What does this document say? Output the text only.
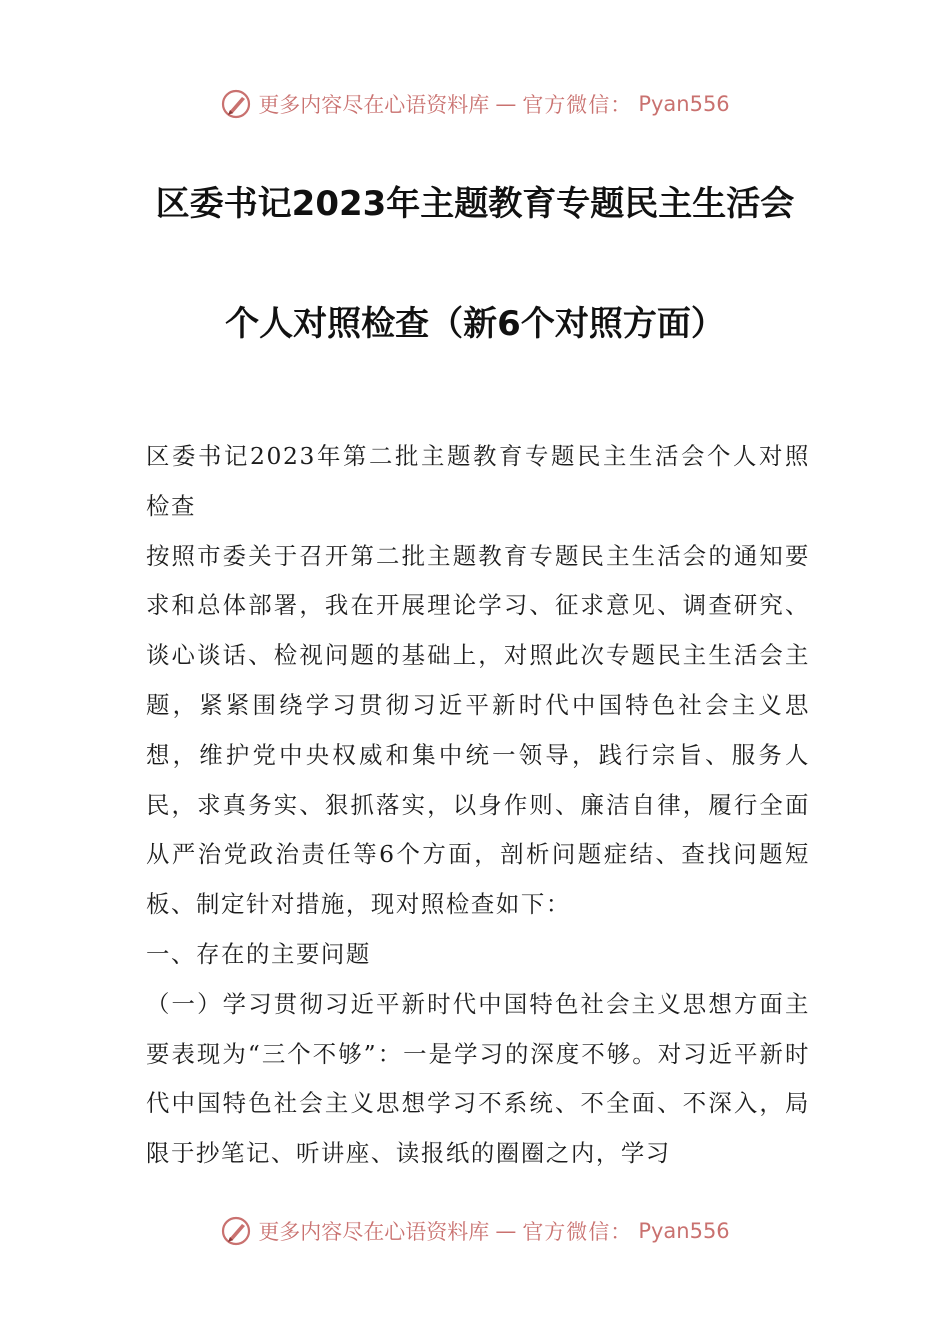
更多内容尽在心语资料库 — 官方微信： Pyan556
区委书记2023年主题教育专题民主生活会
个人对照检查（新6个对照方面）

区委书记2023年第二批主题教育专题民主生活会个人对照检查

按照市委关于召开第二批主题教育专题民主生活会的通知要求和总体部署，我在开展理论学习、征求意见、调查研究、谈心谈话、检视问题的基础上，对照此次专题民主生活会主题，紧紧围绕学习贯彻习近平新时代中国特色社会主义思想，维护党中央权威和集中统一领导，践行宗旨、服务人民，求真务实、狠抓落实，以身作则、廉洁自律，履行全面从严治党政治责任等6个方面，剖析问题症结、查找问题短板、制定针对措施，现对照检查如下：

一、存在的主要问题

（一）学习贯彻习近平新时代中国特色社会主义思想方面主要表现为“三个不够”：一是学习的深度不够。对习近平新时代中国特色社会主义思想学习不系统、不全面、不深入，局限于抄笔记、听讲座、读报纸的圈圈之内，学习

更多内容尽在心语资料库 — 官方微信： Pyan556
